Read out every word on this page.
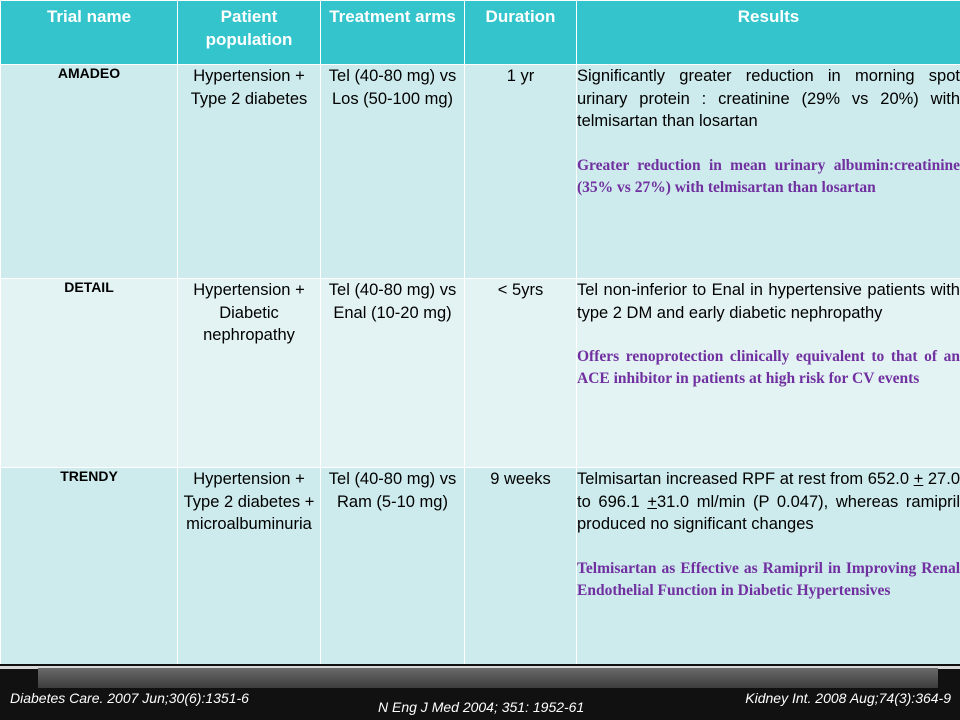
Trial name	Patient population	Treatment arms	Duration	Results
AMADEO	Hypertension + Type 2 diabetes	Tel (40-80 mg) vs Los (50-100 mg)	1 yr	Significantly greater reduction in morning spot urinary protein : creatinine (29% vs 20%) with telmisartan than losartan
Greater reduction in mean urinary albumin:creatinine (35% vs 27%) with telmisartan than losartan

DETAIL	Hypertension + Diabetic nephropathy	Tel (40-80 mg) vs Enal (10-20 mg)	< 5yrs	Tel non-inferior to Enal in hypertensive patients with type 2 DM and early diabetic nephropathy
Offers renoprotection clinically equivalent to that of an ACE inhibitor in patients at high risk for CV events

TRENDY	Hypertension + Type 2 diabetes + microalbuminuria	Tel (40-80 mg) vs Ram (5-10 mg)	9 weeks	Telmisartan increased RPF at rest from 652.0 + 27.0 to 696.1 +31.0 ml/min (P 0.047), whereas ramipril produced no significant changes
Telmisartan as Effective as Ramipril in Improving Renal Endothelial Function in Diabetic Hypertensives
Diabetes Care. 2007 Jun;30(6):1351-6
N Eng J Med 2004; 351: 1952-61
Kidney Int. 2008 Aug;74(3):364-9
